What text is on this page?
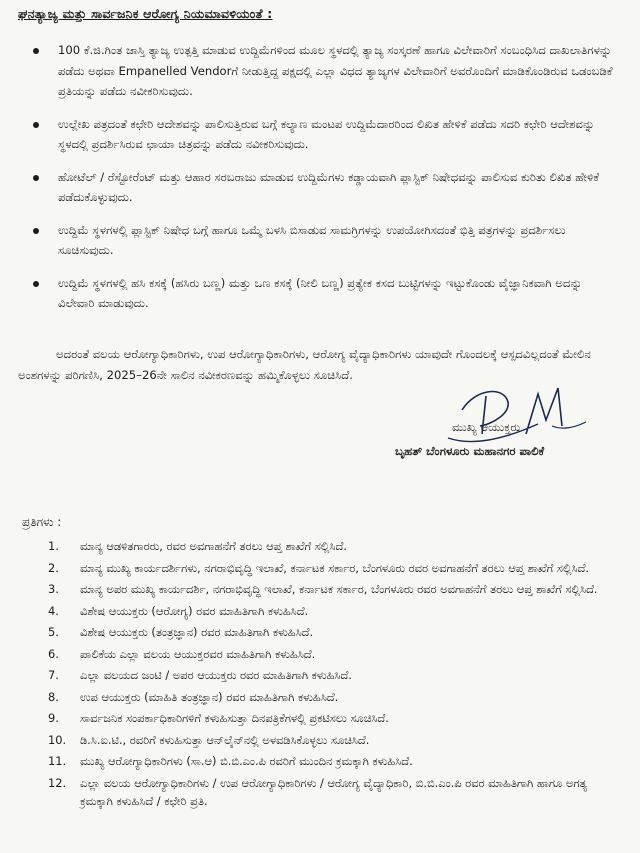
ಘನತ್ಯಾಜ್ಯ ಮತ್ತು ಸಾರ್ವಜನಿಕ ಆರೋಗ್ಯ ನಿಯಮಾವಳಿಯಂತೆ :
100 ಕೆ.ಜಿ.ಗಿಂತ ಜಾಸ್ತಿ ತ್ಯಾಜ್ಯ ಉತ್ಪತ್ತಿ ಮಾಡುವ ಉದ್ದಿಮೆಗಳಿಂದ ಮೂಲ ಸ್ಥಳದಲ್ಲಿ ತ್ಯಾಜ್ಯ ಸಂಸ್ಕರಣೆ ಹಾಗೂ ವಿಲೇವಾರಿಗೆ ಸಂಬಂಧಿಸಿದ ದಾಖಲಾತಿಗಳನ್ನು ಪಡೆದು ಅಥವಾ Empanelled Vendorಗೆ ನೀಡುತ್ತಿದ್ದ ಪಕ್ಷದಲ್ಲಿ ಎಲ್ಲಾ ವಿಧದ ತ್ಯಾಜ್ಯಗಳ ವಿಲೇವಾರಿಗೆ ಅವರೊಂದಿಗೆ ಮಾಡಿಕೊಂಡಿರುವ ಒಡಂಬಡಿಕೆ ಪ್ರತಿಯನ್ನು ಪಡೆದು ನವೀಕರಿಸುವುದು.
ಉಲ್ಲೇಖ ಪತ್ರದಂತೆ ಕಛೇರಿ ಆದೇಶವನ್ನು ಪಾಲಿಸುತ್ತಿರುವ ಬಗ್ಗೆ ಕಲ್ಯಾಣ ಮಂಟಪ ಉದ್ದಿಮೆದಾರರಿಂದ ಲಿಖಿತ ಹೇಳಿಕೆ ಪಡೆದು ಸದರಿ ಕಛೇರಿ ಆದೇಶವನ್ನು ಸ್ಥಳದಲ್ಲಿ ಪ್ರದರ್ಶಿಸಿರುವ ಛಾಯಾ ಚಿತ್ರವನ್ನು ಪಡೆದು ನವೀಕರಿಸುವುದು.
ಹೋಟೆಲ್ / ರೆಸ್ಟೋರೆಂಟ್ ಮತ್ತು ಆಹಾರ ಸರಬರಾಜು ಮಾಡುವ ಉದ್ದಿಮೆಗಳು ಕಡ್ಡಾಯವಾಗಿ ಪ್ಲಾಸ್ಟಿಕ್ ನಿಷೇಧವನ್ನು ಪಾಲಿಸುವ ಕುರಿತು ಲಿಖಿತ ಹೇಳಿಕೆ ಪಡೆದುಕೊಳ್ಳುವುದು.
ಉದ್ದಿಮೆ ಸ್ಥಳಗಳಲ್ಲಿ ಪ್ಲಾಸ್ಟಿಕ್ ನಿಷೇಧ ಬಗ್ಗೆ ಹಾಗೂ ಒಮ್ಮೆ ಬಳಸಿ ಬಿಸಾಡುವ ಸಾಮಗ್ರಿಗಳನ್ನು ಉಪಯೋಗಿಸದಂತೆ ಭಿತ್ತಿ ಪತ್ರಗಳನ್ನು ಪ್ರದರ್ಶಿಸಲು ಸೂಚಿಸುವುದು.
ಉದ್ದಿಮೆ ಸ್ಥಳಗಳಲ್ಲಿ ಹಸಿ ಕಸಕ್ಕೆ (ಹಸಿರು ಬಣ್ಣ) ಮತ್ತು ಒಣ ಕಸಕ್ಕೆ (ನೀಲಿ ಬಣ್ಣ) ಪ್ರತ್ಯೇಕ ಕಸದ ಬುಟ್ಟಿಗಳನ್ನು ಇಟ್ಟುಕೊಂಡು ವೈಜ್ಞಾನಿಕವಾಗಿ ಅದನ್ನು ವಿಲೇವಾರಿ ಮಾಡುವುದು.
ಅದರಂತೆ ವಲಯ ಆರೋಗ್ಯಾಧಿಕಾರಿಗಳು, ಉಪ ಆರೋಗ್ಯಾಧಿಕಾರಿಗಳು, ಆರೋಗ್ಯ ವೈದ್ಯಾಧಿಕಾರಿಗಳು ಯಾವುದೇ ಗೊಂದಲಕ್ಕೆ ಆಸ್ಪದವಿಲ್ಲದಂತೆ ಮೇಲಿನ ಅಂಶಗಳನ್ನು ಪರಿಗಣಿಸಿ, 2025–26ನೇ ಸಾಲಿನ ನವೀಕರಣವನ್ನು ಹಮ್ಮಿಕೊಳ್ಳಲು ಸೂಚಿಸಿದೆ.
ಮುಖ್ಯ ಆಯುಕ್ತರು
ಬೃಹತ್ ಬೆಂಗಳೂರು ಮಹಾನಗರ ಪಾಲಿಕೆ
ಪ್ರತಿಗಳು :
1. ಮಾನ್ಯ ಆಡಳಿತಗಾರರು, ರವರ ಅವಗಾಹನೆಗೆ ತರಲು ಆಪ್ತ ಶಾಖೆಗೆ ಸಲ್ಲಿಸಿದೆ.
2. ಮಾನ್ಯ ಮುಖ್ಯ ಕಾರ್ಯದರ್ಶಿಗಳು, ನಗರಾಭಿವೃದ್ಧಿ ಇಲಾಖೆ, ಕರ್ನಾಟಕ ಸರ್ಕಾರ, ಬೆಂಗಳೂರು ರವರ ಅವಗಾಹನೆಗೆ ತರಲು ಆಪ್ತ ಶಾಖೆಗೆ ಸಲ್ಲಿಸಿದೆ.
3. ಮಾನ್ಯ ಅಪರ ಮುಖ್ಯ ಕಾರ್ಯದರ್ಶಿ, ನಗರಾಭಿವೃದ್ಧಿ ಇಲಾಖೆ, ಕರ್ನಾಟಕ ಸರ್ಕಾರ, ಬೆಂಗಳೂರು ರವರ ಅವಗಾಹನೆಗೆ ತರಲು ಆಪ್ತ ಶಾಖೆಗೆ ಸಲ್ಲಿಸಿದೆ.
4. ವಿಶೇಷ ಆಯುಕ್ತರು (ಆರೋಗ್ಯ) ರವರ ಮಾಹಿತಿಗಾಗಿ ಕಳುಹಿಸಿದೆ.
5. ವಿಶೇಷ ಆಯುಕ್ತರು (ತಂತ್ರಜ್ಞಾನ) ರವರ ಮಾಹಿತಿಗಾಗಿ ಕಳುಹಿಸಿದೆ.
6. ಪಾಲಿಕೆಯ ಎಲ್ಲಾ ವಲಯ ಆಯುಕ್ತರವರ ಮಾಹಿತಿಗಾಗಿ ಕಳುಹಿಸಿದೆ.
7. ಎಲ್ಲಾ ವಲಯದ ಜಂಟಿ / ಅಪರ ಆಯುಕ್ತರು ರವರ ಮಾಹಿತಿಗಾಗಿ ಕಳುಹಿಸಿದೆ.
8. ಉಪ ಆಯುಕ್ತರು (ಮಾಹಿತಿ ತಂತ್ರಜ್ಞಾನ) ರವರ ಮಾಹಿತಿಗಾಗಿ ಕಳುಹಿಸಿದೆ.
9. ಸಾರ್ವಜನಿಕ ಸಂಪರ್ಕಾಧಿಕಾರಿಗಳಿಗೆ ಕಳುಹಿಸುತ್ತಾ ದಿನಪತ್ರಿಕೆಗಳಲ್ಲಿ ಪ್ರಕಟಿಸಲು ಸೂಚಿಸಿದೆ.
10. ಡಿ.ಸಿ.ಐ.ಟಿ., ರವರಿಗೆ ಕಳುಹಿಸುತ್ತಾ ಆನ್‌ಲೈನ್‌ನಲ್ಲಿ ಅಳವಡಿಸಿಕೊಳ್ಳಲು ಸೂಚಿಸಿದೆ.
11. ಮುಖ್ಯ ಆರೋಗ್ಯಾಧಿಕಾರಿಗಳು (ಸಾ.ಆ) ಬಿ.ಬಿ.ಎಂ.ಪಿ ರವರಿಗೆ ಮುಂದಿನ ಕ್ರಮಕ್ಕಾಗಿ ಕಳುಹಿಸಿದೆ.
12. ಎಲ್ಲಾ ವಲಯ ಆರೋಗ್ಯಾಧಿಕಾರಿಗಳು / ಉಪ ಆರೋಗ್ಯಾಧಿಕಾರಿಗಳು / ಆರೋಗ್ಯ ವೈದ್ಯಾಧಿಕಾರಿ, ಬಿ.ಬಿ.ಎಂ.ಪಿ ರವರ ಮಾಹಿತಿಗಾಗಿ ಹಾಗೂ ಅಗತ್ಯ ಕ್ರಮಕ್ಕಾಗಿ ಕಳುಹಿಸಿದೆ / ಕಛೇರಿ ಪ್ರತಿ.
